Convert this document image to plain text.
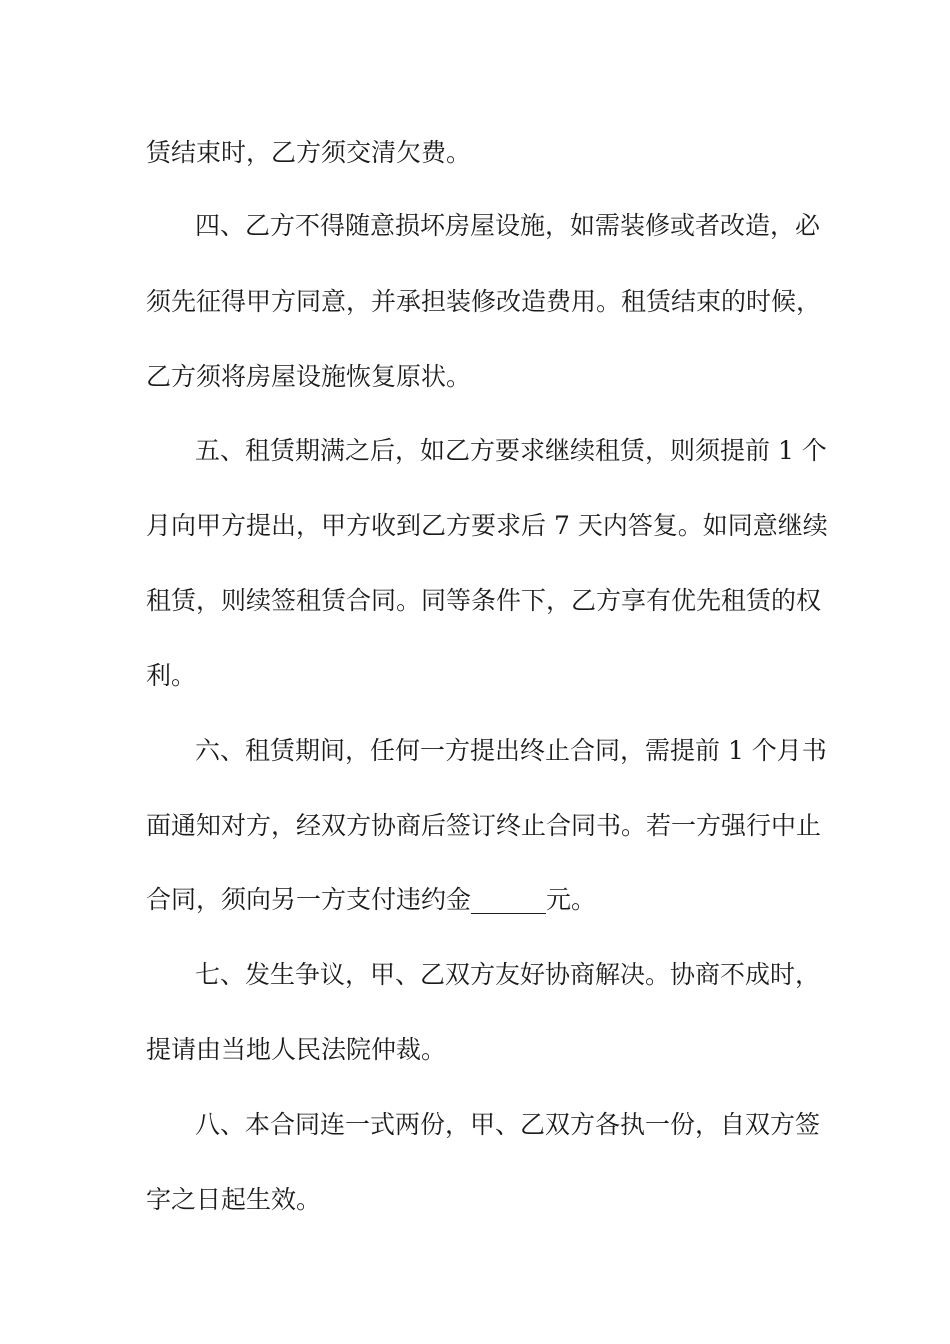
赁结束时，乙方须交清欠费。
四、乙方不得随意损坏房屋设施，如需装修或者改造，必
须先征得甲方同意，并承担装修改造费用。租赁结束的时候，
乙方须将房屋设施恢复原状。
五、租赁期满之后，如乙方要求继续租赁，则须提前 1 个
月向甲方提出，甲方收到乙方要求后 7 天内答复。如同意继续
租赁，则续签租赁合同。同等条件下，乙方享有优先租赁的权
利。
六、租赁期间，任何一方提出终止合同，需提前 1 个月书
面通知对方，经双方协商后签订终止合同书。若一方强行中止
合同，须向另一方支付违约金______元。
七、发生争议，甲、乙双方友好协商解决。协商不成时，
提请由当地人民法院仲裁。
八、本合同连一式两份，甲、乙双方各执一份，自双方签
字之日起生效。
